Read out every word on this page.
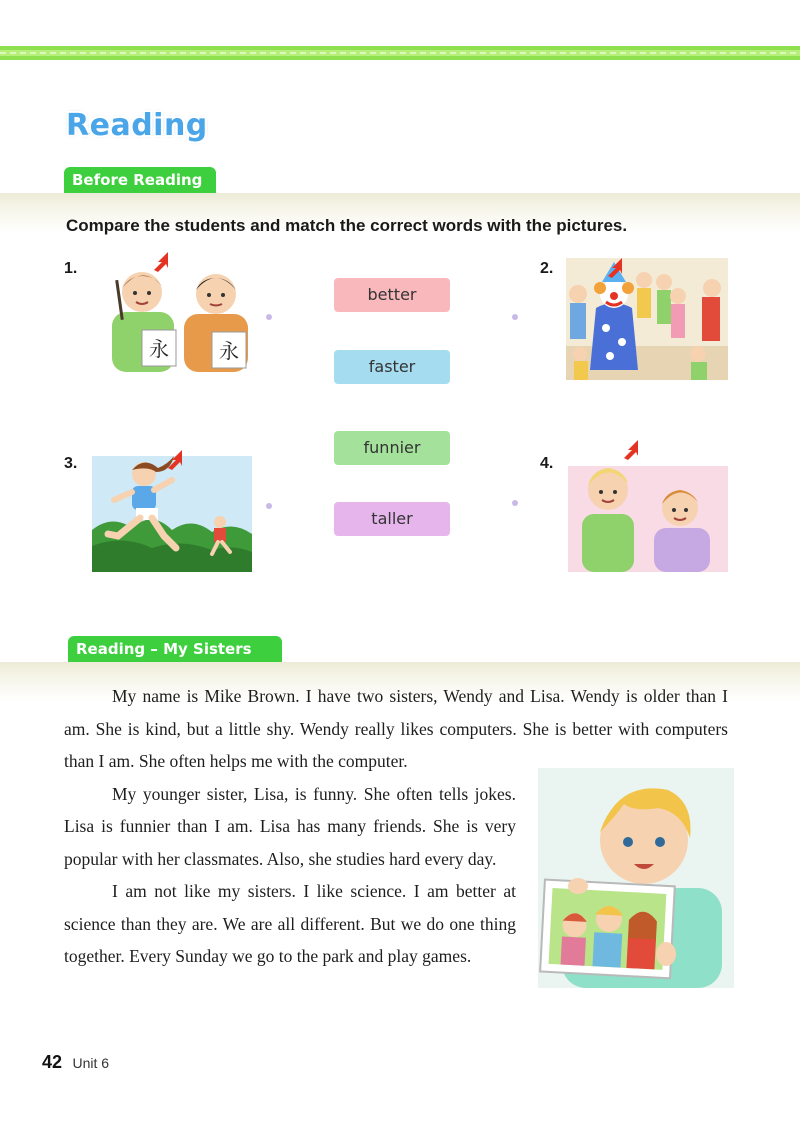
Reading
Before Reading
Compare the students and match the correct words with the pictures.
1.	2.
3.	4.
永	永
better
faster
funnier
taller
Reading – My Sisters

My name is Mike Brown. I have two sisters, Wendy and Lisa. Wendy is older than I am. She is kind, but a little shy. Wendy really likes computers. She is better with computers than I am. She often helps me with the computer.

My younger sister, Lisa, is funny. She often tells jokes. Lisa is funnier than I am. Lisa has many friends. She is very popular with her classmates. Also, she studies hard every day.

I am not like my sisters. I like science. I am better at science than they are. We are all different. But we do one thing together. Every Sunday we go to the park and play games.

42 Unit 6
